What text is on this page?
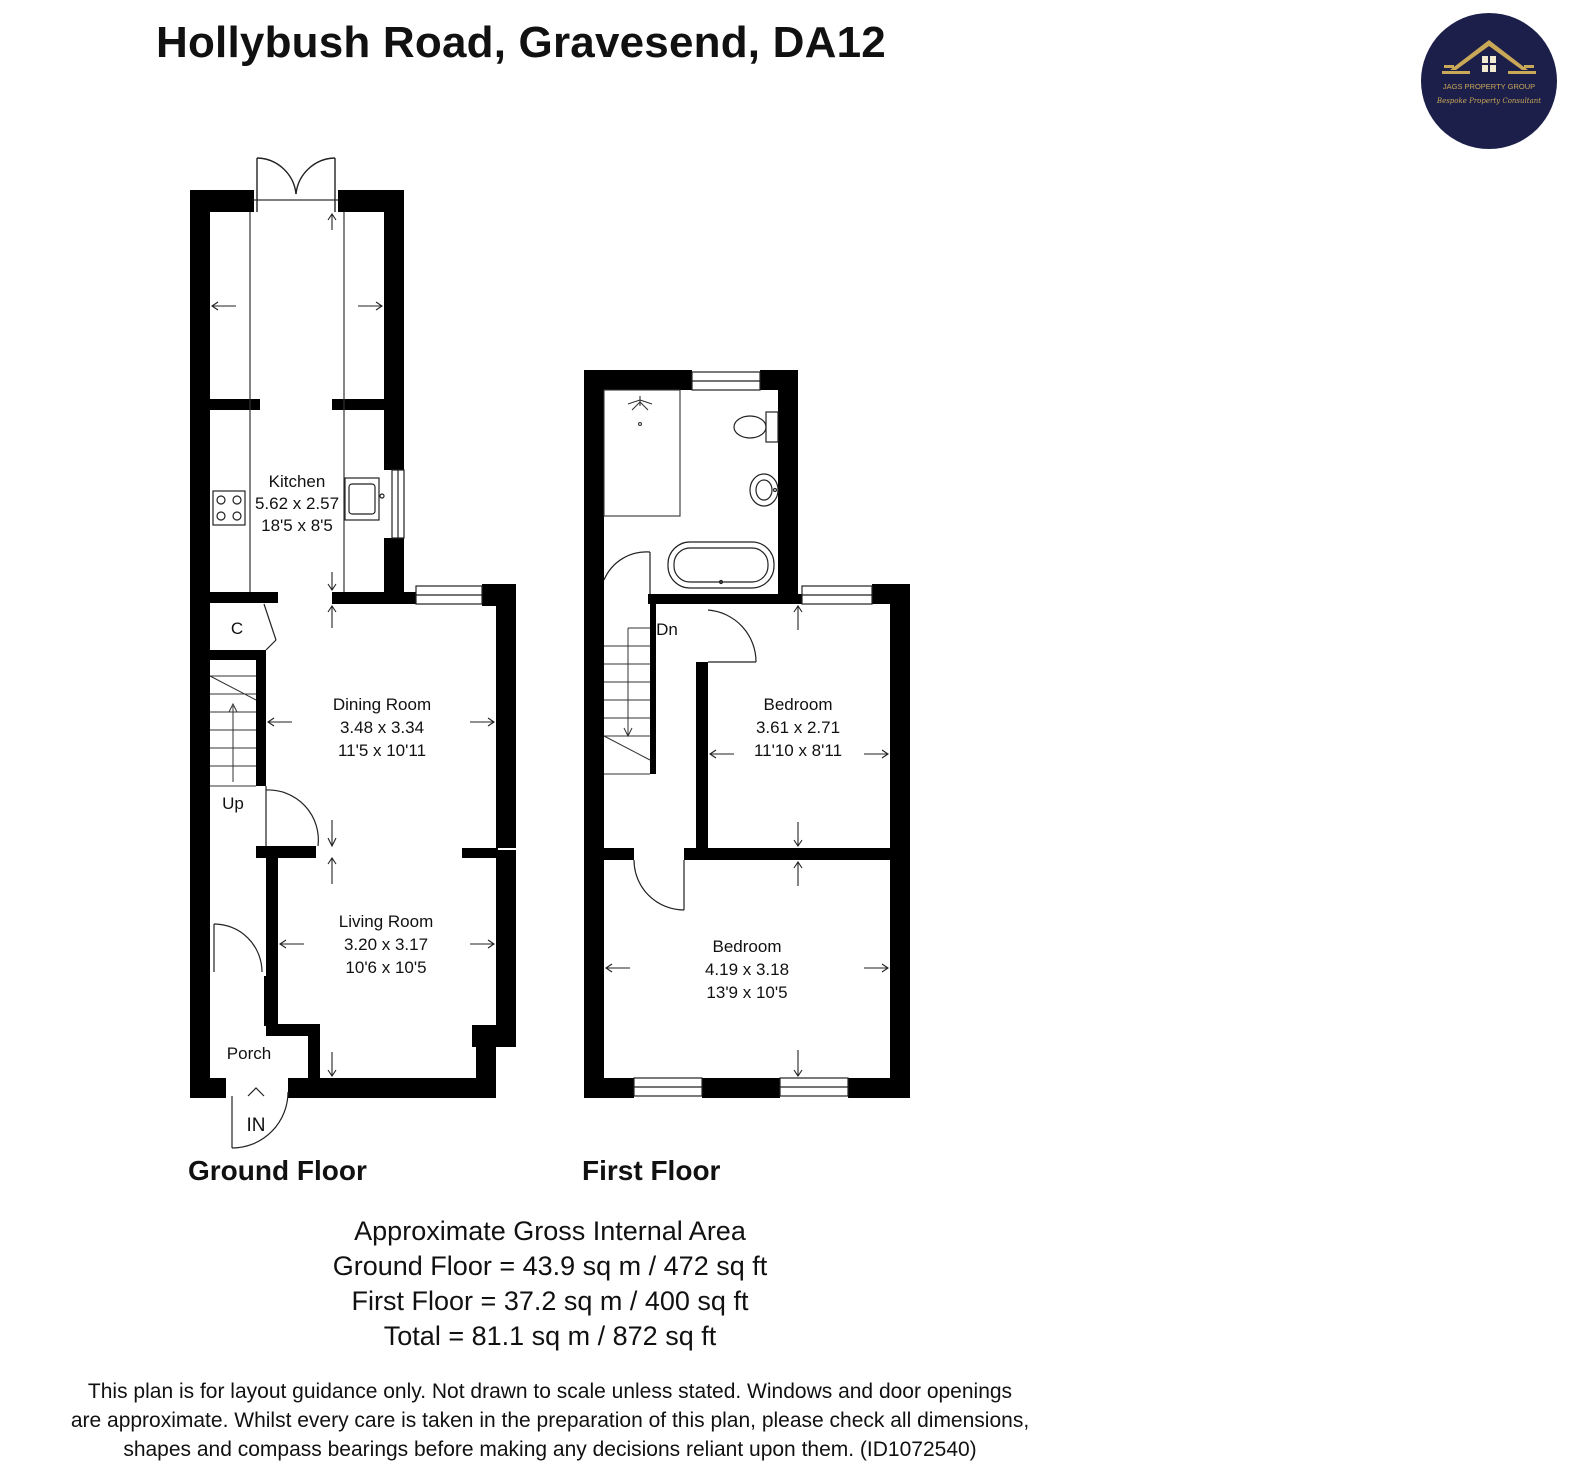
Hollybush Road, Gravesend, DA12
JAGS PROPERTY GROUP
Bespoke Property Consultant
Kitchen
5.62 x 2.57
18'5 x 8'5
Dining Room
3.48 x 3.34
11'5 x 10'11
Living Room
3.20 x 3.17
10'6 x 10'5
C
Up
Porch
IN
Dn
Bedroom
3.61 x 2.71
11'10 x 8'11
Bedroom
4.19 x 3.18
13'9 x 10'5
Ground Floor	First Floor
Approximate Gross Internal Area
Ground Floor = 43.9 sq m / 472 sq ft
First Floor = 37.2 sq m / 400 sq ft
Total = 81.1 sq m / 872 sq ft
This plan is for layout guidance only. Not drawn to scale unless stated. Windows and door openings
are approximate. Whilst every care is taken in the preparation of this plan, please check all dimensions,
shapes and compass bearings before making any decisions reliant upon them. (ID1072540)
